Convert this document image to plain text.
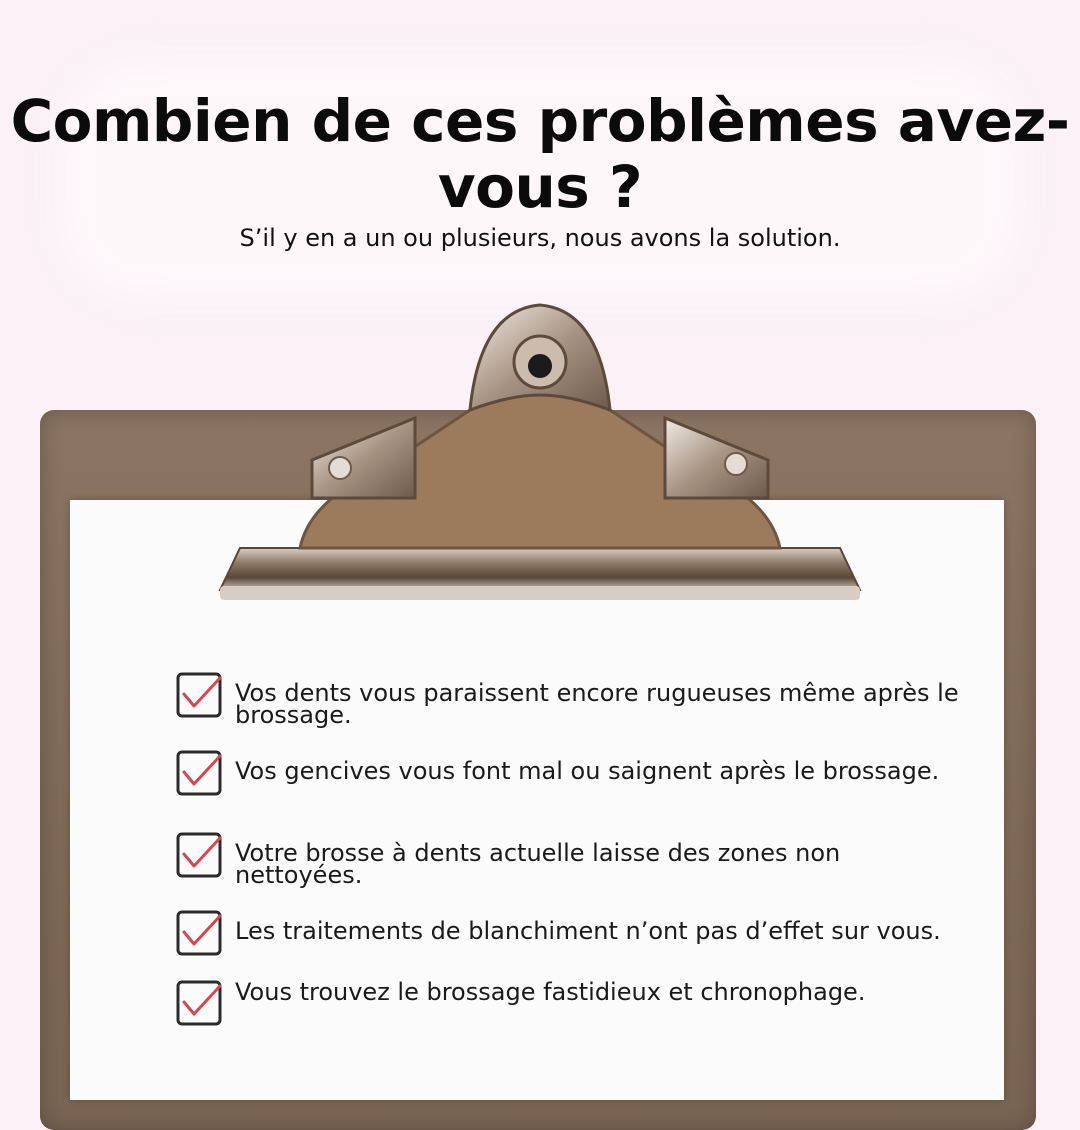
Combien de ces problèmes avez-vous ?

S’il y en a un ou plusieurs, nous avons la solution.

Vos dents vous paraissent encore rugueuses même après le brossage.
Vos gencives vous font mal ou saignent après le brossage.
Votre brosse à dents actuelle laisse des zones non nettoyées.
Les traitements de blanchiment n’ont pas d’effet sur vous.
Vous trouvez le brossage fastidieux et chronophage.
